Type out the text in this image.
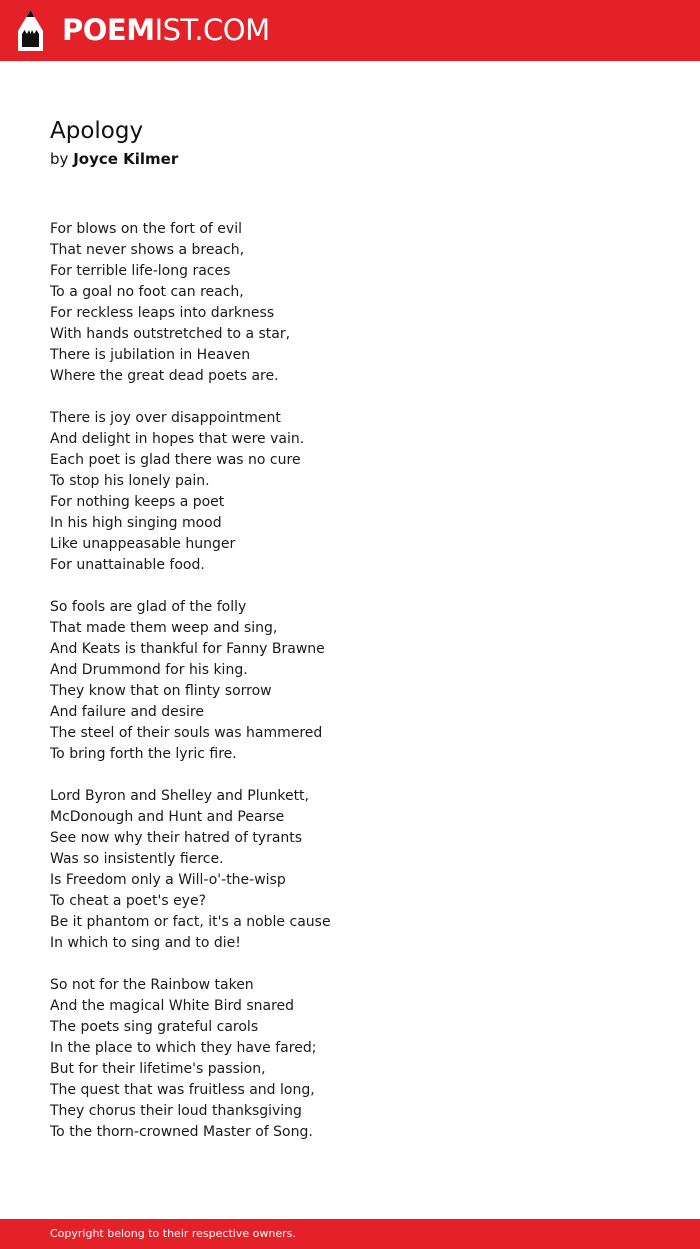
POEMIST.COM
Apology
by Joyce Kilmer
For blows on the fort of evil
That never shows a breach,
For terrible life-long races
To a goal no foot can reach,
For reckless leaps into darkness
With hands outstretched to a star,
There is jubilation in Heaven
Where the great dead poets are.
There is joy over disappointment
And delight in hopes that were vain.
Each poet is glad there was no cure
To stop his lonely pain.
For nothing keeps a poet
In his high singing mood
Like unappeasable hunger
For unattainable food.
So fools are glad of the folly
That made them weep and sing,
And Keats is thankful for Fanny Brawne
And Drummond for his king.
They know that on flinty sorrow
And failure and desire
The steel of their souls was hammered
To bring forth the lyric fire.
Lord Byron and Shelley and Plunkett,
McDonough and Hunt and Pearse
See now why their hatred of tyrants
Was so insistently fierce.
Is Freedom only a Will-o'-the-wisp
To cheat a poet's eye?
Be it phantom or fact, it's a noble cause
In which to sing and to die!
So not for the Rainbow taken
And the magical White Bird snared
The poets sing grateful carols
In the place to which they have fared;
But for their lifetime's passion,
The quest that was fruitless and long,
They chorus their loud thanksgiving
To the thorn-crowned Master of Song.
Copyright belong to their respective owners.
